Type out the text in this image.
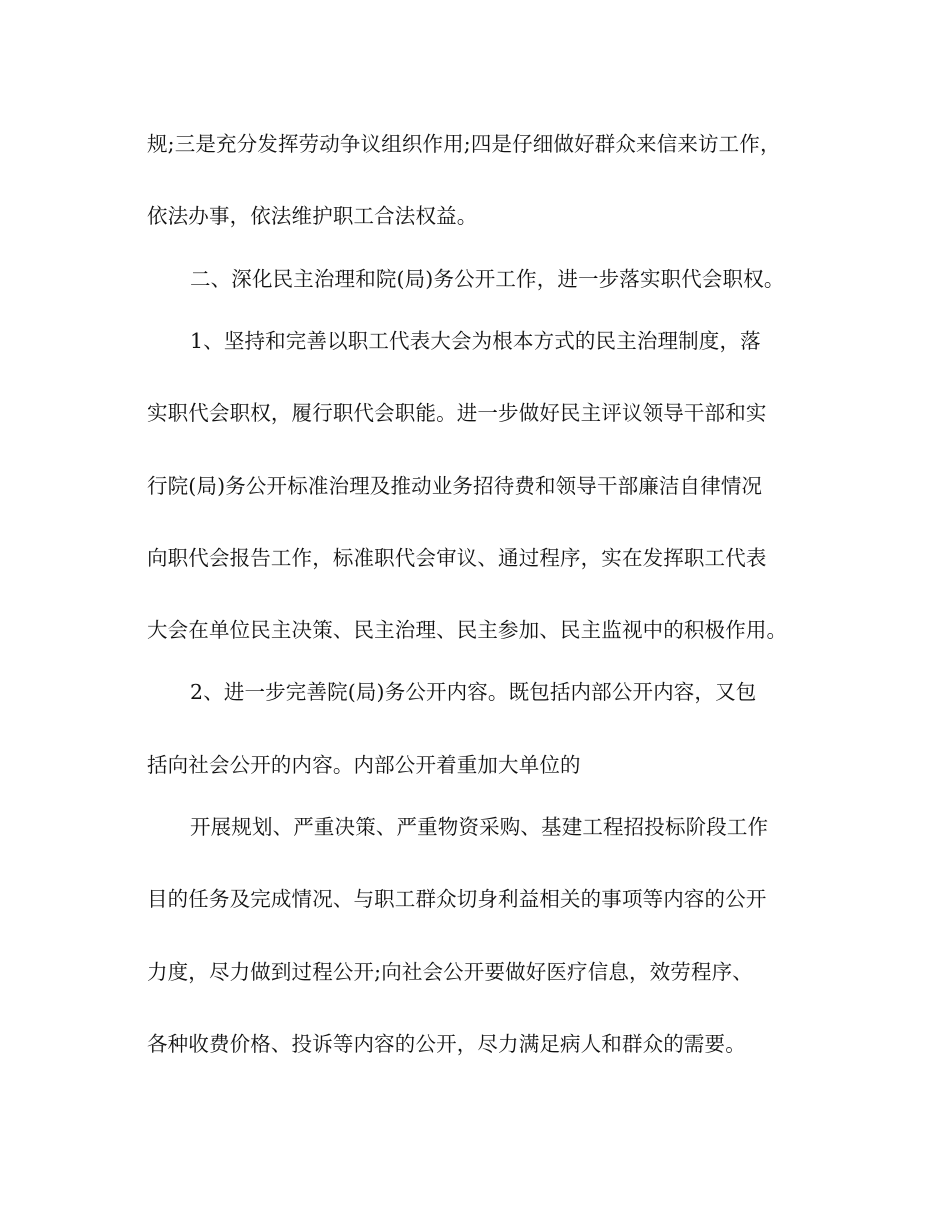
规;三是充分发挥劳动争议组织作用;四是仔细做好群众来信来访工作，
依法办事，依法维护职工合法权益。
二、深化民主治理和院(局)务公开工作，进一步落实职代会职权。
1、坚持和完善以职工代表大会为根本方式的民主治理制度，落
实职代会职权，履行职代会职能。进一步做好民主评议领导干部和实
行院(局)务公开标准治理及推动业务招待费和领导干部廉洁自律情况
向职代会报告工作，标准职代会审议、通过程序，实在发挥职工代表
大会在单位民主决策、民主治理、民主参加、民主监视中的积极作用。
2、进一步完善院(局)务公开内容。既包括内部公开内容，又包
括向社会公开的内容。内部公开着重加大单位的
开展规划、严重决策、严重物资采购、基建工程招投标阶段工作
目的任务及完成情况、与职工群众切身利益相关的事项等内容的公开
力度，尽力做到过程公开;向社会公开要做好医疗信息，效劳程序、
各种收费价格、投诉等内容的公开，尽力满足病人和群众的需要。
